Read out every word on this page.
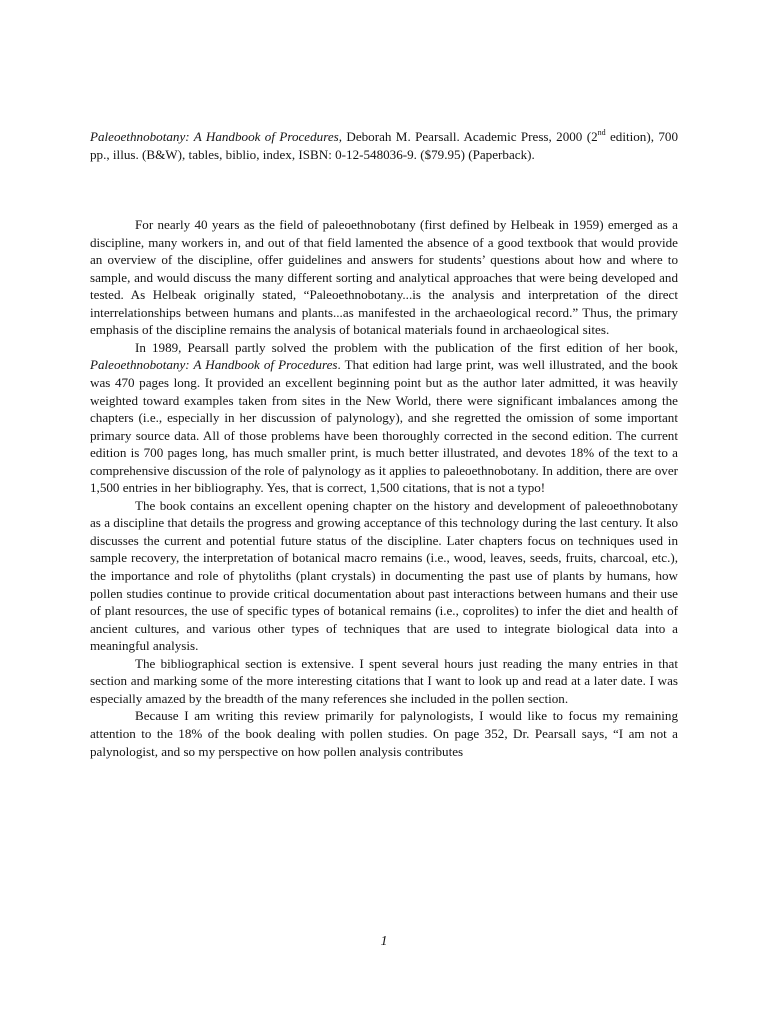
Paleoethnobotany: A Handbook of Procedures, Deborah M. Pearsall. Academic Press, 2000 (2nd edition), 700 pp., illus. (B&W), tables, biblio, index, ISBN: 0-12-548036-9. ($79.95) (Paperback).

For nearly 40 years as the field of paleoethnobotany (first defined by Helbeak in 1959) emerged as a discipline, many workers in, and out of that field lamented the absence of a good textbook that would provide an overview of the discipline, offer guidelines and answers for students’ questions about how and where to sample, and would discuss the many different sorting and analytical approaches that were being developed and tested. As Helbeak originally stated, “Paleoethnobotany...is the analysis and interpretation of the direct interrelationships between humans and plants...as manifested in the archaeological record.” Thus, the primary emphasis of the discipline remains the analysis of botanical materials found in archaeological sites.

In 1989, Pearsall partly solved the problem with the publication of the first edition of her book, Paleoethnobotany: A Handbook of Procedures. That edition had large print, was well illustrated, and the book was 470 pages long. It provided an excellent beginning point but as the author later admitted, it was heavily weighted toward examples taken from sites in the New World, there were significant imbalances among the chapters (i.e., especially in her discussion of palynology), and she regretted the omission of some important primary source data. All of those problems have been thoroughly corrected in the second edition. The current edition is 700 pages long, has much smaller print, is much better illustrated, and devotes 18% of the text to a comprehensive discussion of the role of palynology as it applies to paleoethnobotany. In addition, there are over 1,500 entries in her bibliography. Yes, that is correct, 1,500 citations, that is not a typo!

The book contains an excellent opening chapter on the history and development of paleoethnobotany as a discipline that details the progress and growing acceptance of this technology during the last century. It also discusses the current and potential future status of the discipline. Later chapters focus on techniques used in sample recovery, the interpretation of botanical macro remains (i.e., wood, leaves, seeds, fruits, charcoal, etc.), the importance and role of phytoliths (plant crystals) in documenting the past use of plants by humans, how pollen studies continue to provide critical documentation about past interactions between humans and their use of plant resources, the use of specific types of botanical remains (i.e., coprolites) to infer the diet and health of ancient cultures, and various other types of techniques that are used to integrate biological data into a meaningful analysis.

The bibliographical section is extensive. I spent several hours just reading the many entries in that section and marking some of the more interesting citations that I want to look up and read at a later date. I was especially amazed by the breadth of the many references she included in the pollen section.

Because I am writing this review primarily for palynologists, I would like to focus my remaining attention to the 18% of the book dealing with pollen studies. On page 352, Dr. Pearsall says, “I am not a palynologist, and so my perspective on how pollen analysis contributes

1
